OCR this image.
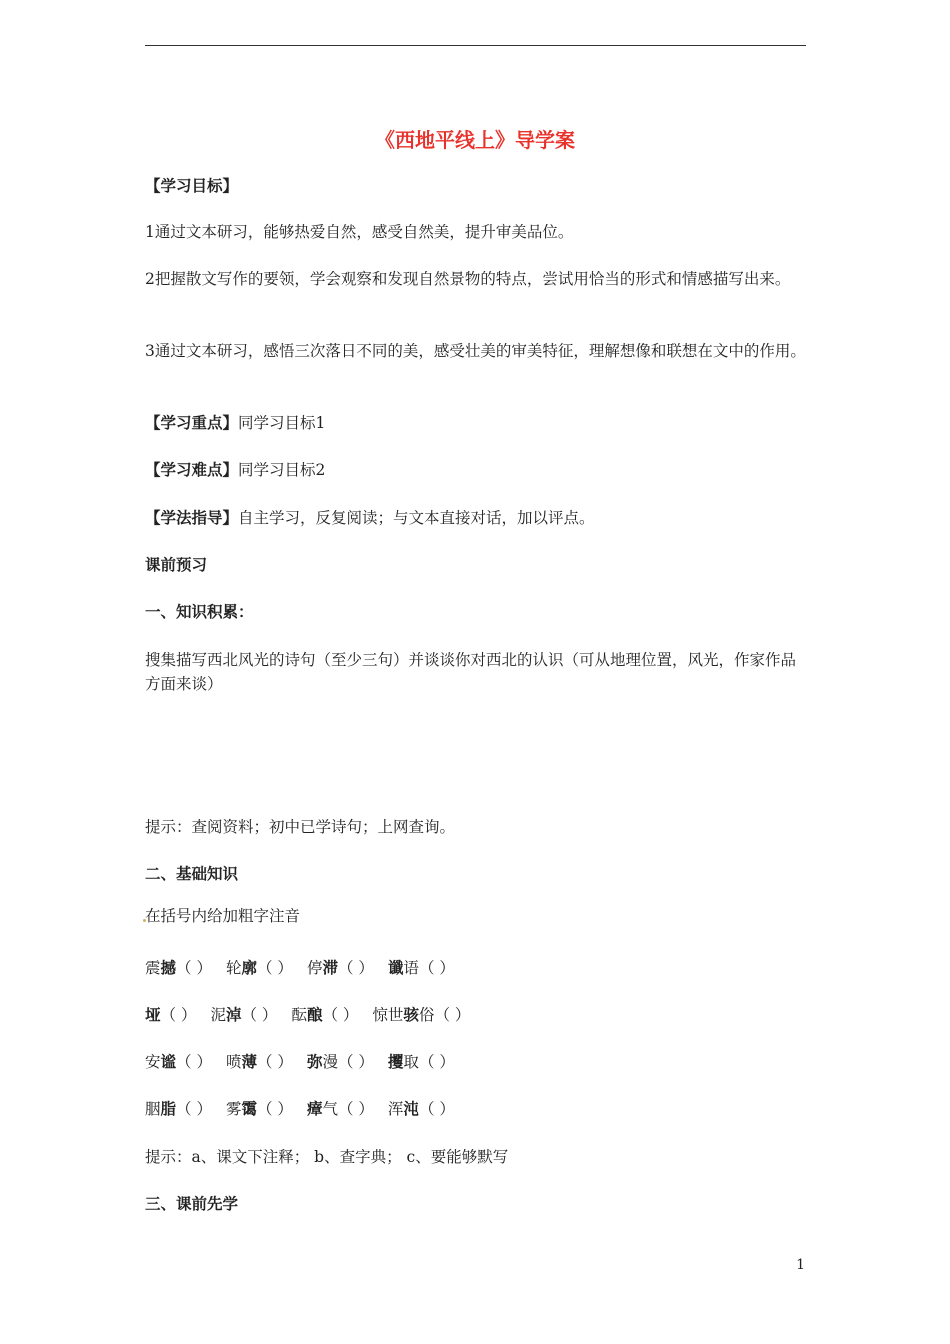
《西地平线上》导学案

【学习目标】

1通过文本研习，能够热爱自然，感受自然美，提升审美品位。

2把握散文写作的要领，学会观察和发现自然景物的特点，尝试用恰当的形式和情感描写出来。

3通过文本研习，感悟三次落日不同的美，感受壮美的审美特征，理解想像和联想在文中的作用。

【学习重点】同学习目标1

【学习难点】同学习目标2

【学法指导】自主学习，反复阅读；与文本直接对话，加以评点。

课前预习

一、知识积累：

搜集描写西北风光的诗句（至少三句）并谈谈你对西北的认识（可从地理位置，风光，作家作品方面来谈）

提示：查阅资料；初中已学诗句；上网查询。

二、基础知识

在括号内给加粗字注音

震撼（ ） 轮廓（ ） 停滞（ ） 谶语（ ）

垭（ ） 泥淖（ ） 酝酿（ ） 惊世骇俗（ ）

安谧（ ） 喷薄（ ） 弥漫（ ） 攫取（ ）

胭脂（ ） 雾霭（ ） 瘴气（ ） 浑沌（ ）

提示：a、课文下注释； b、查字典； c、要能够默写

三、课前先学

1
